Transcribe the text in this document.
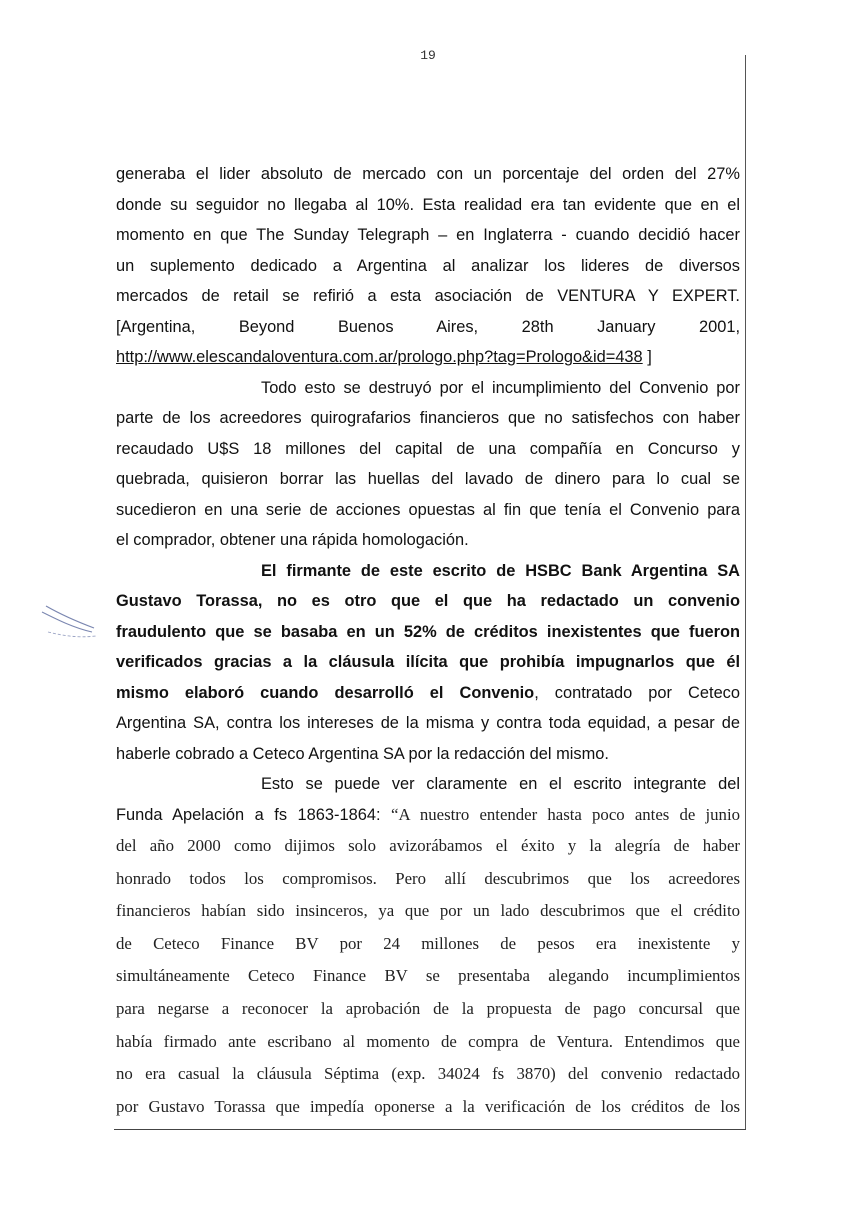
19
generaba el lider absoluto de mercado con un porcentaje del orden del 27%
donde su seguidor no llegaba al 10%. Esta realidad era tan evidente que en el
momento en que The Sunday Telegraph – en Inglaterra - cuando decidió hacer
un suplemento dedicado a Argentina al analizar los lideres de diversos
mercados de retail se refirió a esta asociación de VENTURA Y EXPERT.
[Argentina, Beyond Buenos Aires, 28th January 2001,
http://www.elescandaloventura.com.ar/prologo.php?tag=Prologo&id=438 ]
Todo esto se destruyó por el incumplimiento del Convenio por
parte de los acreedores quirografarios financieros que no satisfechos con haber
recaudado U$S 18 millones del capital de una compañía en Concurso y
quebrada, quisieron borrar las huellas del lavado de dinero para lo cual se
sucedieron en una serie de acciones opuestas al fin que tenía el Convenio para
el comprador, obtener una rápida homologación.
El firmante de este escrito de HSBC Bank Argentina SA
Gustavo Torassa, no es otro que el que ha redactado un convenio
fraudulento que se basaba en un 52% de créditos inexistentes que fueron
verificados gracias a la cláusula ilícita que prohibía impugnarlos que él
mismo elaboró cuando desarrolló el Convenio, contratado por Ceteco
Argentina SA, contra los intereses de la misma y contra toda equidad, a pesar de
haberle cobrado a Ceteco Argentina SA por la redacción del mismo.
Esto se puede ver claramente en el escrito integrante del
Funda Apelación a fs 1863-1864: “A nuestro entender hasta poco antes de junio
del año 2000 como dijimos solo avizorábamos el éxito y la alegría de haber
honrado todos los compromisos. Pero allí descubrimos que los acreedores
financieros habían sido insinceros, ya que por un lado descubrimos que el crédito
de Ceteco Finance BV por 24 millones de pesos era inexistente y
simultáneamente Ceteco Finance BV se presentaba alegando incumplimientos
para negarse a reconocer la aprobación de la propuesta de pago concursal que
había firmado ante escribano al momento de compra de Ventura. Entendimos que
no era casual la cláusula Séptima (exp. 34024 fs 3870) del convenio redactado
por Gustavo Torassa que impedía oponerse a la verificación de los créditos de los
